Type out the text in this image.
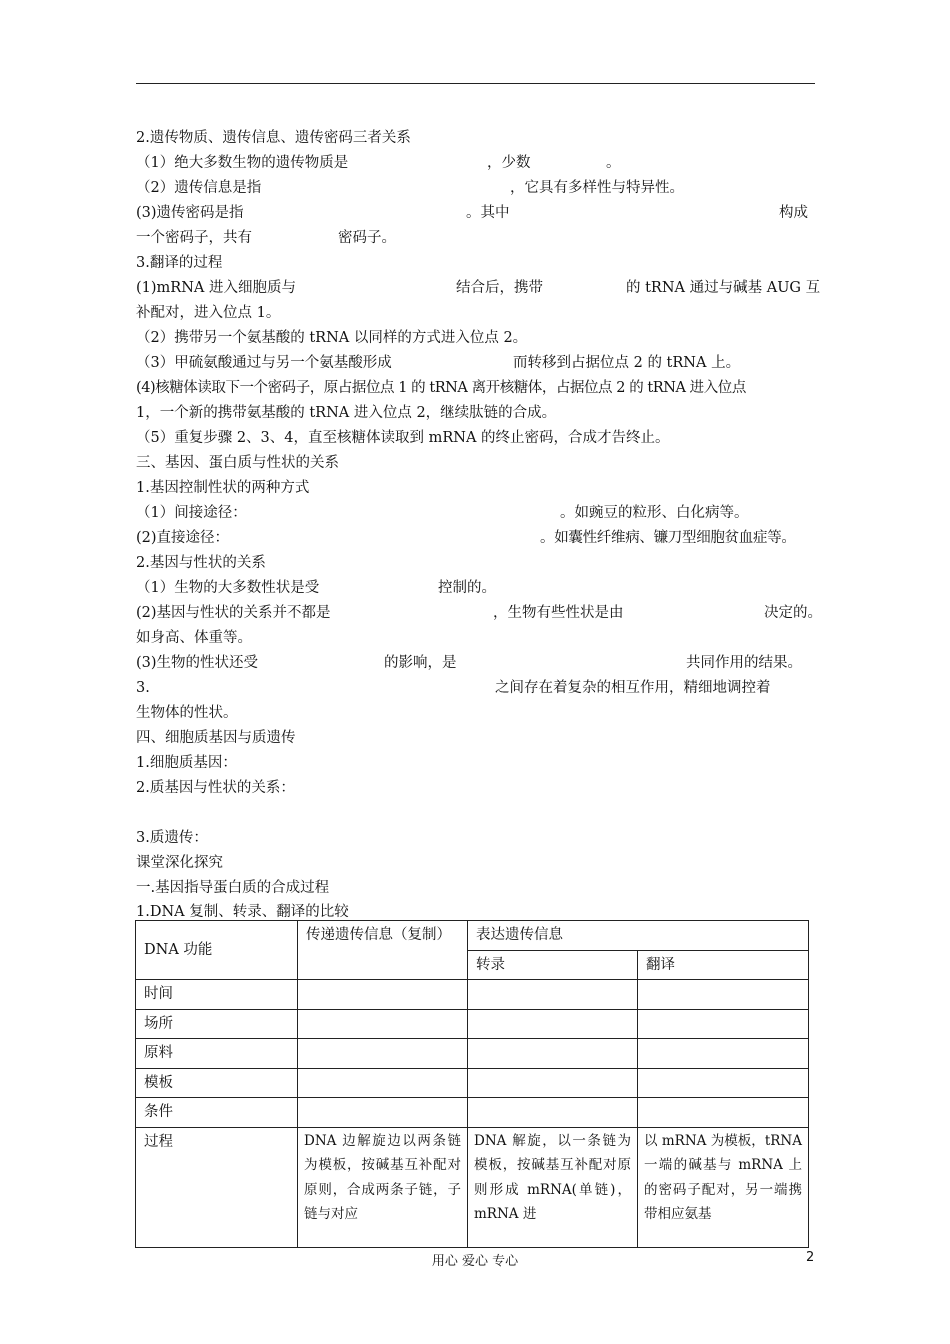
2.遗传物质、遗传信息、遗传密码三者关系
（1）绝大多数生物的遗传物质是	，少数	。
（2）遗传信息是指	，它具有多样性与特异性。
(3)遗传密码是指	。其中	构成
一个密码子，共有	密码子。
3.翻译的过程
(1)mRNA 进入细胞质与	结合后，携带	的 tRNA 通过与碱基 AUG 互
补配对，进入位点 1。
（2）携带另一个氨基酸的 tRNA 以同样的方式进入位点 2。
（3）甲硫氨酸通过与另一个氨基酸形成	而转移到占据位点 2 的 tRNA 上。
(4)核糖体读取下一个密码子，原占据位点 1 的 tRNA 离开核糖体，占据位点 2 的 tRNA 进入位点
1，一个新的携带氨基酸的 tRNA 进入位点 2，继续肽链的合成。
（5）重复步骤 2、3、4，直至核糖体读取到 mRNA 的终止密码，合成才告终止。
三、基因、蛋白质与性状的关系
1.基因控制性状的两种方式
（1）间接途径：	。如豌豆的粒形、白化病等。
(2)直接途径：	。如囊性纤维病、镰刀型细胞贫血症等。
2.基因与性状的关系
（1）生物的大多数性状是受	控制的。
(2)基因与性状的关系并不都是	，生物有些性状是由	决定的。
如身高、体重等。
(3)生物的性状还受	的影响，是	共同作用的结果。
3.	之间存在着复杂的相互作用，精细地调控着
生物体的性状。
四、细胞质基因与质遗传
1.细胞质基因：
2.质基因与性状的关系：
3.质遗传：
课堂深化探究
一.基因指导蛋白质的合成过程
1.DNA 复制、转录、翻译的比较
DNA 功能	传递遗传信息（复制）	表达遗传信息	
		转录	翻译
时间			
场所			
原料			
模板			
条件			
过程	DNA 边解旋边以两条链为模板，按碱基互补配对原则，合成两条子链，子链与对应	DNA 解旋，以一条链为模板，按碱基互补配对原则形成 mRNA(单链)，mRNA 进	以 mRNA 为模板，tRNA 一端的碱基与 mRNA 上的密码子配对，另一端携带相应氨基
用心 爱心 专心	2
